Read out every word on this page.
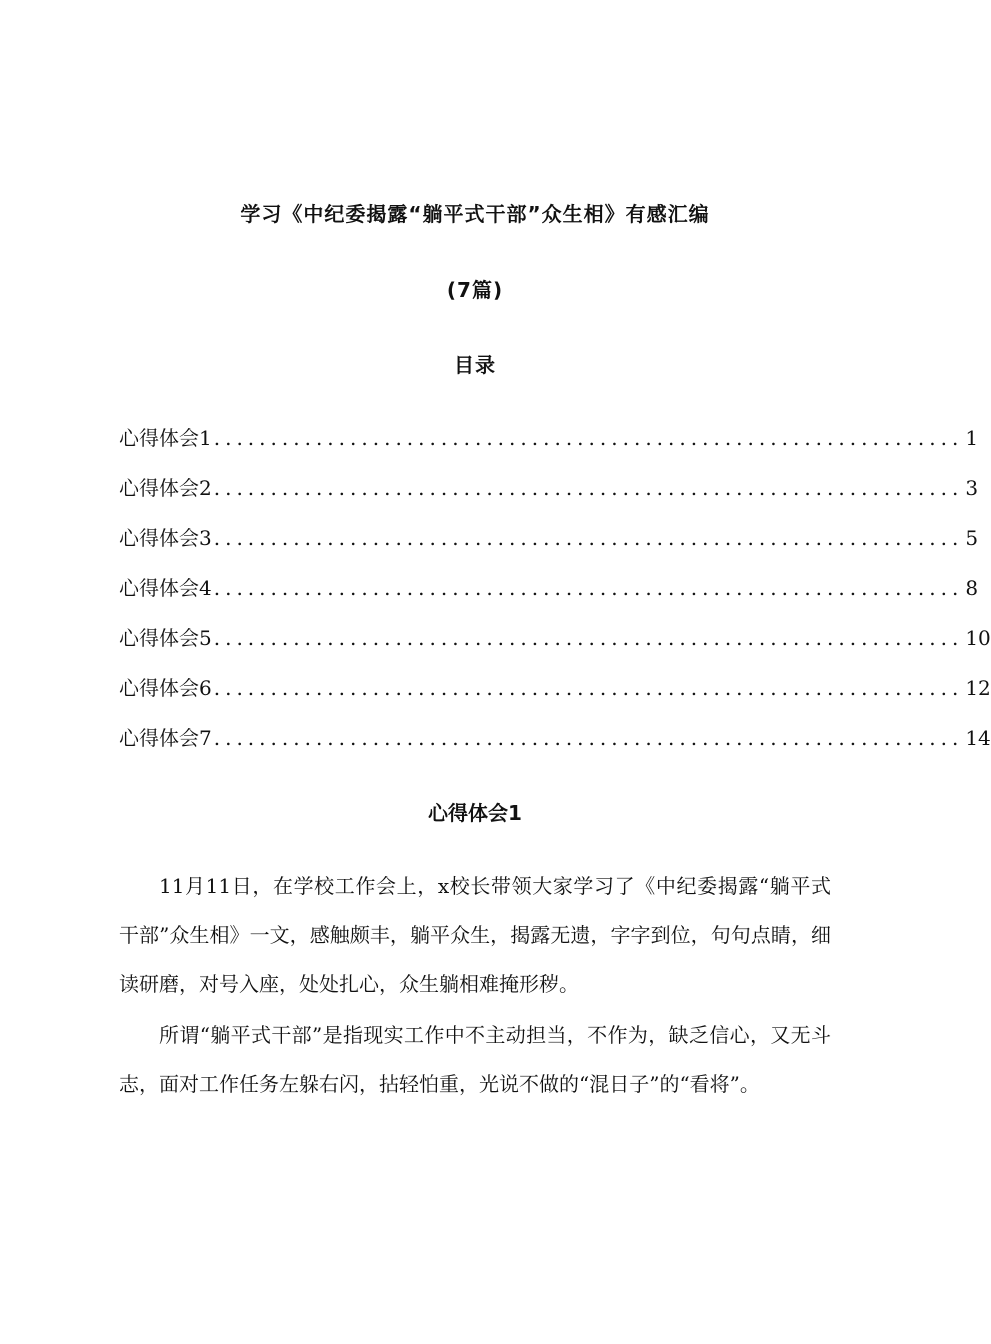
学习《中纪委揭露“躺平式干部”众生相》有感汇编
(7篇)
目录
心得体会1 .................................................................. 1
心得体会2 .................................................................. 3
心得体会3 .................................................................. 5
心得体会4 .................................................................. 8
心得体会5 .................................................................. 10
心得体会6 .................................................................. 12
心得体会7 .................................................................. 14
心得体会1

11月11日，在学校工作会上，x校长带领大家学习了《中纪委揭露“躺平式干部”众生相》一文，感触颇丰，躺平众生，揭露无遗，字字到位，句句点睛，细读研磨，对号入座，处处扎心，众生躺相难掩形秽。

所谓“躺平式干部”是指现实工作中不主动担当，不作为，缺乏信心，又无斗志，面对工作任务左躲右闪，拈轻怕重，光说不做的“混日子”的“看将”。
